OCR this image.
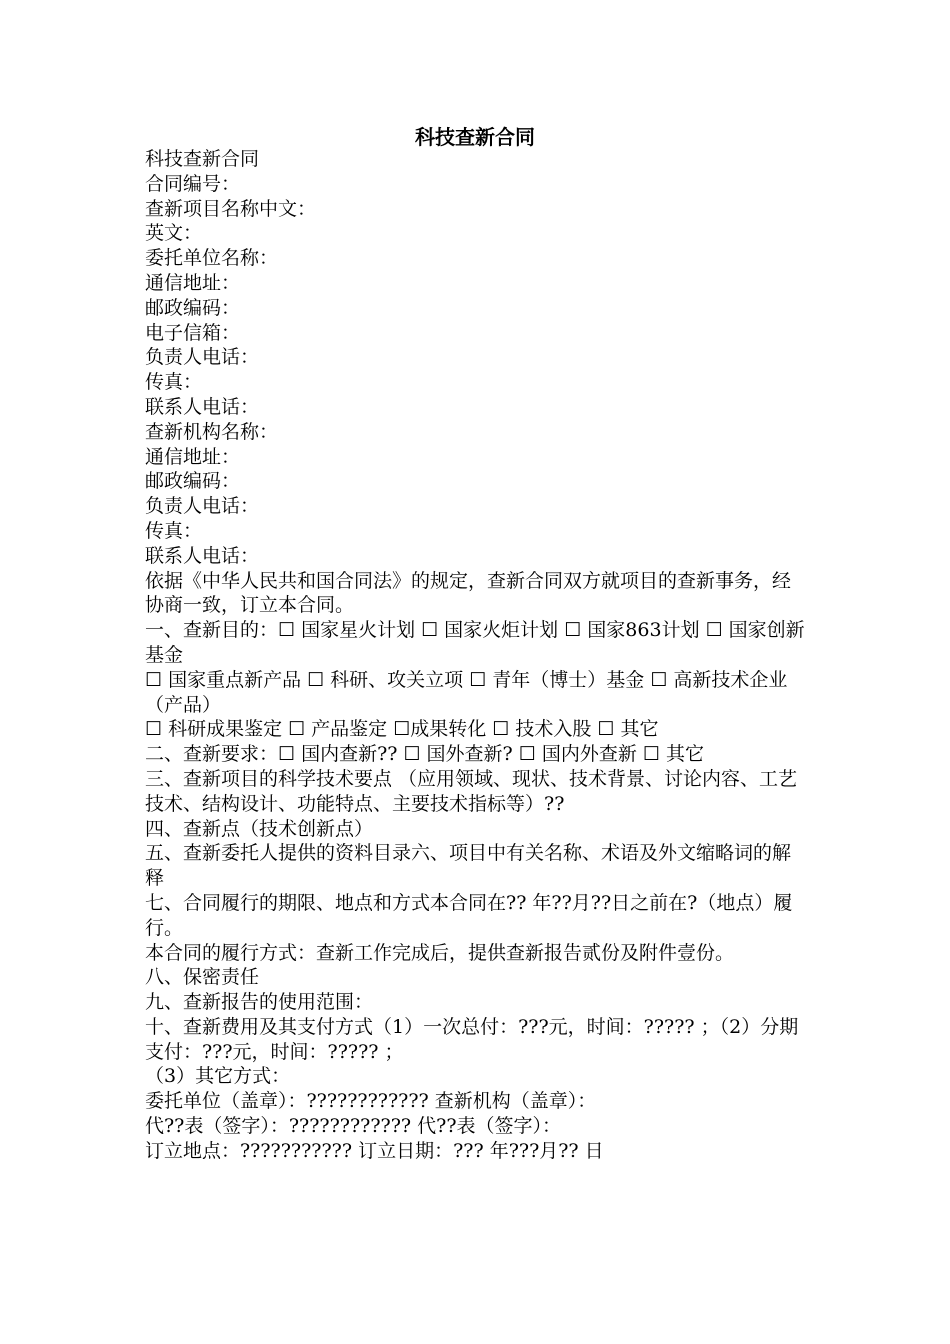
科技查新合同

科技查新合同

合同编号：

查新项目名称中文：

英文：

委托单位名称：

通信地址：

邮政编码：

电子信箱：

负责人电话：

传真：

联系人电话：

查新机构名称：

通信地址：

邮政编码：

负责人电话：

传真：

联系人电话：

依据《中华人民共和国合同法》的规定，查新合同双方就项目的查新事务，经协商一致，订立本合同。

一、查新目的：☐ 国家星火计划 ☐ 国家火炬计划 ☐ 国家863计划 ☐ 国家创新基金

☐ 国家重点新产品 ☐ 科研、攻关立项 ☐ 青年（博士）基金 ☐ 高新技术企业（产品）

☐ 科研成果鉴定 ☐ 产品鉴定 ☐成果转化 ☐ 技术入股 ☐ 其它

二、查新要求：☐ 国内查新?? ☐ 国外查新? ☐ 国内外查新 ☐ 其它

三、查新项目的科学技术要点 （应用领域、现状、技术背景、讨论内容、工艺技术、结构设计、功能特点、主要技术指标等）??

四、查新点（技术创新点）

五、查新委托人提供的资料目录六、项目中有关名称、术语及外文缩略词的解释

七、合同履行的期限、地点和方式本合同在?? 年??月??日之前在?（地点）履行。

本合同的履行方式：查新工作完成后，提供查新报告贰份及附件壹份。

八、保密责任

九、查新报告的使用范围：

十、查新费用及其支付方式（1）一次总付：???元，时间：????? ；（2）分期支付：???元，时间：????? ；

（3）其它方式：

委托单位（盖章）：???????????? 查新机构（盖章）：

代??表（签字）：???????????? 代??表（签字）：

订立地点：??????????? 订立日期：??? 年???月?? 日
